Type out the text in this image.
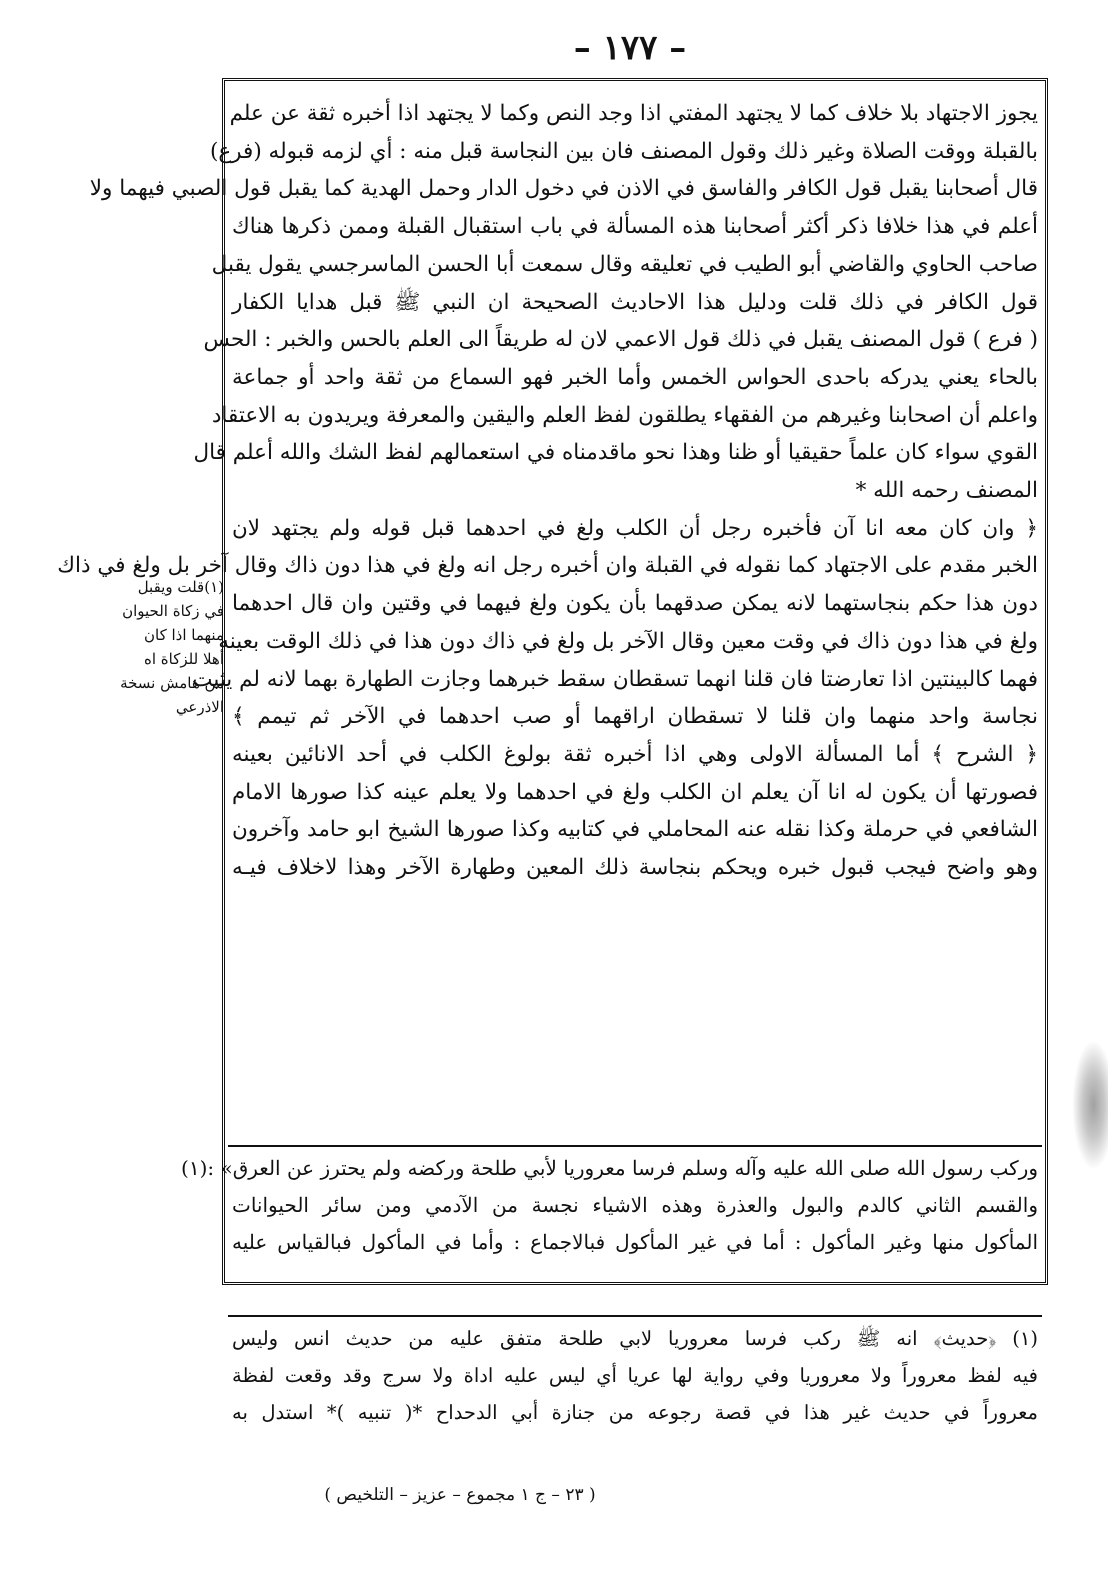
– ١٧٧ –
يجوز الاجتهاد بلا خلاف كما لا يجتهد المفتي اذا وجد النص وكما لا يجتهد اذا أخبره ثقة عن علم
بالقبلة ووقت الصلاة وغير ذلك وقول المصنف فان بين النجاسة قبل منه : أي لزمه قبوله (فرع)
قال أصحابنا يقبل قول الكافر والفاسق في الاذن في دخول الدار وحمل الهدية كما يقبل قول الصبي فيهما ولا
أعلم في هذا خلافا ذكر أكثر أصحابنا هذه المسألة في باب استقبال القبلة وممن ذكرها هناك
صاحب الحاوي والقاضي أبو الطيب في تعليقه وقال سمعت أبا الحسن الماسرجسي يقول يقبل
قول الكافر في ذلك قلت ودليل هذا الاحاديث الصحيحة ان النبي ﷺ قبل هدايا الكفار
( فرع ) قول المصنف يقبل في ذلك قول الاعمي لان له طريقاً الى العلم بالحس والخبر : الحس
بالحاء يعني يدركه باحدى الحواس الخمس وأما الخبر فهو السماع من ثقة واحد أو جماعة
واعلم أن اصحابنا وغيرهم من الفقهاء يطلقون لفظ العلم واليقين والمعرفة ويريدون به الاعتقاد
القوي سواء كان علماً حقيقيا أو ظنا وهذا نحو ماقدمناه في استعمالهم لفظ الشك والله أعلم قال
المصنف رحمه الله *
﴿ وان كان معه انا آن فأخبره رجل أن الكلب ولغ في احدهما قبل قوله ولم يجتهد لان
الخبر مقدم على الاجتهاد كما نقوله في القبلة وان أخبره رجل انه ولغ في هذا دون ذاك وقال آخر بل ولغ في ذاك
دون هذا حكم بنجاستهما لانه يمكن صدقهما بأن يكون ولغ فيهما في وقتين وان قال احدهما
ولغ في هذا دون ذاك في وقت معين وقال الآخر بل ولغ في ذاك دون هذا في ذلك الوقت بعينه
فهما كالبينتين اذا تعارضتا فان قلنا انهما تسقطان سقط خبرهما وجازت الطهارة بهما لانه لم يثبت
نجاسة واحد منهما وان قلنا لا تسقطان اراقهما أو صب احدهما في الآخر ثم تيمم ﴾
﴿ الشرح ﴾ أما المسألة الاولى وهي اذا أخبره ثقة بولوغ الكلب في أحد الانائين بعينه
فصورتها أن يكون له انا آن يعلم ان الكلب ولغ في احدهما ولا يعلم عينه كذا صورها الامام
الشافعي في حرملة وكذا نقله عنه المحاملي في كتابيه وكذا صورها الشيخ ابو حامد وآخرون
وهو واضح فيجب قبول خبره ويحكم بنجاسة ذلك المعين وطهارة الآخر وهذا لاخلاف فيـه
وركب رسول الله صلى الله عليه وآله وسلم فرسا معروريا لأبي طلحة وركضه ولم يحترز عن العرق» :(١)
والقسم الثاني كالدم والبول والعذرة وهذه الاشياء نجسة من الآدمي ومن سائر الحيوانات
المأكول منها وغير المأكول : أما في غير المأكول فبالاجماع : وأما في المأكول فبالقياس عليه
(١) ﴿حديث﴾ انه ﷺ ركب فرسا معروريا لابي طلحة متفق عليه من حديث انس وليس
فيه لفظ معروراً ولا معروريا وفي رواية لها عريا أي ليس عليه اداة ولا سرج وقد وقعت لفظة
معروراً في حديث غير هذا في قصة رجوعه من جنازة أبي الدحداح *( تنبيه )* استدل به
(١)قلت ويقبل
في زكاة الحيوان
منهما اذا كان
أهلا للزكاة اه
من هامش نسخة
الاذرعي
( ٢٣ – ج ١ مجموع – عزيز – التلخيص )
